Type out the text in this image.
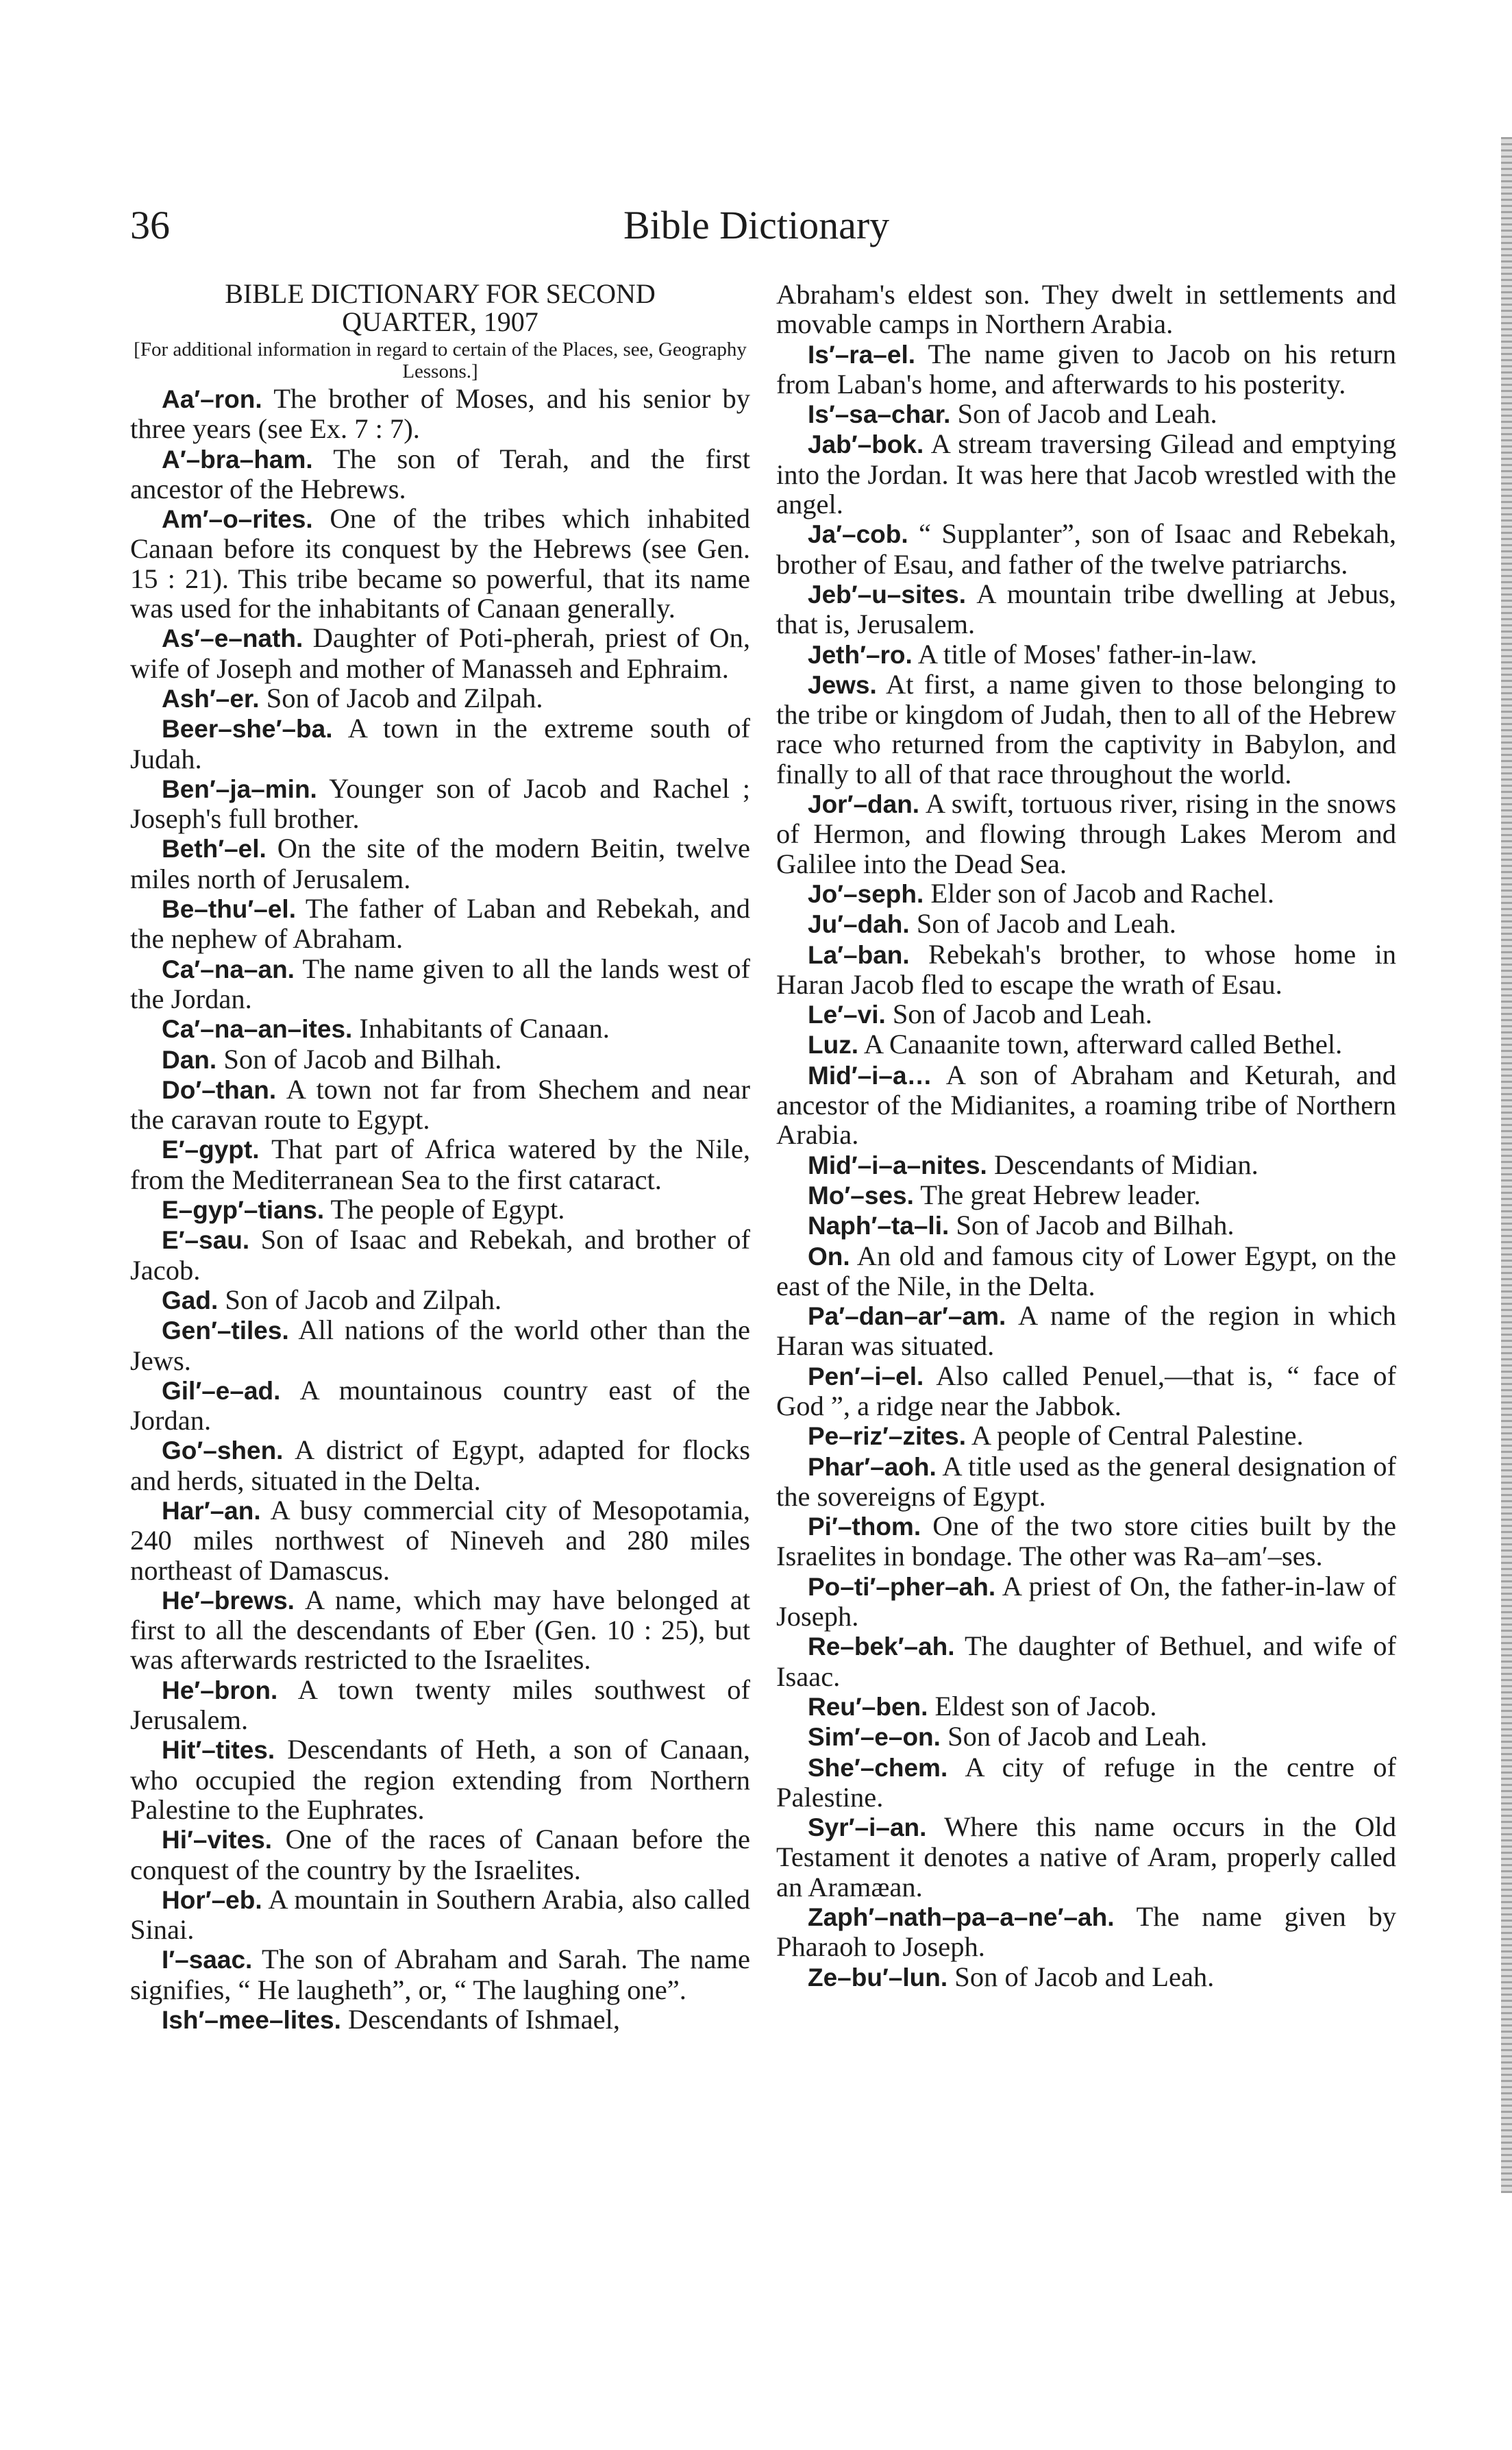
36	Bible Dictionary

BIBLE DICTIONARY FOR SECOND
QUARTER, 1907

[For additional information in regard to certain of the Places, see, Geography Lessons.]

Aa′–ron. The brother of Moses, and his senior by three years (see Ex. 7 : 7).

A′–bra–ham. The son of Terah, and the first ancestor of the Hebrews.

Am′–o–rites. One of the tribes which inhabited Canaan before its conquest by the Hebrews (see Gen. 15 : 21). This tribe became so powerful, that its name was used for the inhabitants of Canaan generally.

As′–e–nath. Daughter of Poti-pherah, priest of On, wife of Joseph and mother of Manasseh and Ephraim.

Ash′–er. Son of Jacob and Zilpah.

Beer–she′–ba. A town in the extreme south of Judah.

Ben′–ja–min. Younger son of Jacob and Rachel ; Joseph's full brother.

Beth′–el. On the site of the modern Beitin, twelve miles north of Jerusalem.

Be–thu′–el. The father of Laban and Rebekah, and the nephew of Abraham.

Ca′–na–an. The name given to all the lands west of the Jordan.

Ca′–na–an–ites. Inhabitants of Canaan.

Dan. Son of Jacob and Bilhah.

Do′–than. A town not far from Shechem and near the caravan route to Egypt.

E′–gypt. That part of Africa watered by the Nile, from the Mediterranean Sea to the first cataract.

E–gyp′–tians. The people of Egypt.

E′–sau. Son of Isaac and Rebekah, and brother of Jacob.

Gad. Son of Jacob and Zilpah.

Gen′–tiles. All nations of the world other than the Jews.

Gil′–e–ad. A mountainous country east of the Jordan.

Go′–shen. A district of Egypt, adapted for flocks and herds, situated in the Delta.

Har′–an. A busy commercial city of Mesopotamia, 240 miles northwest of Nineveh and 280 miles northeast of Damascus.

He′–brews. A name, which may have belonged at first to all the descendants of Eber (Gen. 10 : 25), but was afterwards restricted to the Israelites.

He′–bron. A town twenty miles southwest of Jerusalem.

Hit′–tites. Descendants of Heth, a son of Canaan, who occupied the region extending from Northern Palestine to the Euphrates.

Hi′–vites. One of the races of Canaan before the conquest of the country by the Israelites.

Hor′–eb. A mountain in Southern Arabia, also called Sinai.

I′–saac. The son of Abraham and Sarah. The name signifies, “ He laugheth”, or, “ The laughing one”.

Ish′–mee–lites. Descendants of Ishmael,

Abraham's eldest son. They dwelt in settlements and movable camps in Northern Arabia.

Is′–ra–el. The name given to Jacob on his return from Laban's home, and afterwards to his posterity.

Is′–sa–char. Son of Jacob and Leah.

Jab′–bok. A stream traversing Gilead and emptying into the Jordan. It was here that Jacob wrestled with the angel.

Ja′–cob. “ Supplanter”, son of Isaac and Rebekah, brother of Esau, and father of the twelve patriarchs.

Jeb′–u–sites. A mountain tribe dwelling at Jebus, that is, Jerusalem.

Jeth′–ro. A title of Moses' father-in-law.

Jews. At first, a name given to those belonging to the tribe or kingdom of Judah, then to all of the Hebrew race who returned from the captivity in Babylon, and finally to all of that race throughout the world.

Jor′–dan. A swift, tortuous river, rising in the snows of Hermon, and flowing through Lakes Merom and Galilee into the Dead Sea.

Jo′–seph. Elder son of Jacob and Rachel.

Ju′–dah. Son of Jacob and Leah.

La′–ban. Rebekah's brother, to whose home in Haran Jacob fled to escape the wrath of Esau.

Le′–vi. Son of Jacob and Leah.

Luz. A Canaanite town, afterward called Bethel.

Mid′–i–a… A son of Abraham and Keturah, and ancestor of the Midianites, a roaming tribe of Northern Arabia.

Mid′–i–a–nites. Descendants of Midian.

Mo′–ses. The great Hebrew leader.

Naph′–ta–li. Son of Jacob and Bilhah.

On. An old and famous city of Lower Egypt, on the east of the Nile, in the Delta.

Pa′–dan–ar′–am. A name of the region in which Haran was situated.

Pen′–i–el. Also called Penuel,—that is, “ face of God ”, a ridge near the Jabbok.

Pe–riz′–zites. A people of Central Palestine.

Phar′–aoh. A title used as the general designation of the sovereigns of Egypt.

Pi′–thom. One of the two store cities built by the Israelites in bondage. The other was Ra–am′–ses.

Po–ti′–pher–ah. A priest of On, the father-in-law of Joseph.

Re–bek′–ah. The daughter of Bethuel, and wife of Isaac.

Reu′–ben. Eldest son of Jacob.

Sim′–e–on. Son of Jacob and Leah.

She′–chem. A city of refuge in the centre of Palestine.

Syr′–i–an. Where this name occurs in the Old Testament it denotes a native of Aram, properly called an Aramæan.

Zaph′–nath–pa–a–ne′–ah. The name given by Pharaoh to Joseph.

Ze–bu′–lun. Son of Jacob and Leah.
